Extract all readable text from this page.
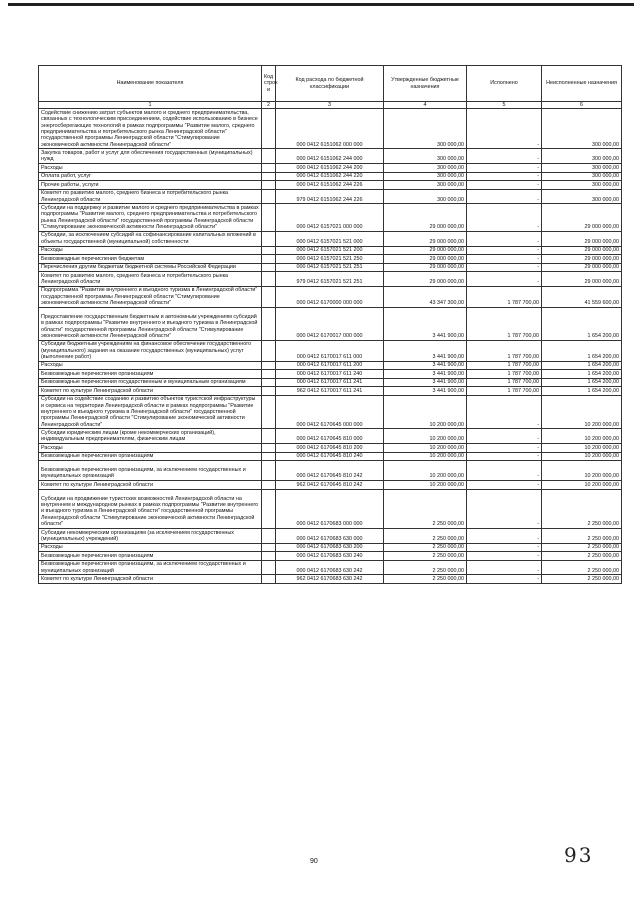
Наименование показателя	Код строк и	Код расхода по бюджетной классификации	Утвержденные бюджетные назначения	Исполнено	Неисполненные назначения
1	2	3	4	5	6
Содействие снижению затрат субъектов малого и среднего предпринимательства, связанных с технологическим присоединением, содействие использованию в бизнесе энергосберегающих технологий в рамках подпрограммы "Развитие малого, среднего предпринимательства и потребительского рынка Ленинградской области" государственной программы Ленинградской области "Стимулирование экономической активности Ленинградской области"		000 0412 6151062 000 000	300 000,00	-	300 000,00
Закупка товаров, работ и услуг для обеспечения государственных (муниципальных) нужд		000 0412 6151062 244 000	300 000,00	-	300 000,00
Расходы		000 0412 6151062 244 200	300 000,00	-	300 000,00
Оплата работ, услуг		000 0412 6151062 244 220	300 000,00	-	300 000,00
Прочие работы, услуги		000 0412 6151062 244 226	300 000,00	-	300 000,00
Комитет по развитию малого, среднего бизнеса и потребительского рынка Ленинградской области		979 0412 6151062 244 226	300 000,00	-	300 000,00
Субсидии на поддержку и развитие малого и среднего предпринимательства в рамках подпрограммы "Развитие малого, среднего предпринимательства и потребительского рынка Ленинградской области" государственной программы Ленинградской области "Стимулирование экономической активности Ленинградской области"		000 0412 6157021 000 000	29 000 000,00	-	29 000 000,00
Субсидии, за исключением субсидий на софинансирование капитальных вложений в объекты государственной (муниципальной) собственности		000 0412 6157021 521 000	29 000 000,00	-	29 000 000,00
Расходы		000 0412 6157021 521 200	29 000 000,00	-	29 000 000,00
Безвозмездные перечисления бюджетам		000 0412 6157021 521 250	29 000 000,00	-	29 000 000,00
Перечисления другим бюджетам бюджетной системы Российской Федерации		000 0412 6157021 521 251	29 000 000,00	-	29 000 000,00
Комитет по развитию малого, среднего бизнеса и потребительского рынка Ленинградской области		979 0412 6157021 521 251	29 000 000,00	-	29 000 000,00
Подпрограмма "Развитие внутреннего и въездного туризма в Ленинградской области" государственной программы Ленинградской области "Стимулирование экономической активности Ленинградской области"		000 0412 6170000 000 000	43 347 300,00	1 787 700,00	41 559 600,00
Предоставление государственным бюджетным и автономным учреждениям субсидий в рамках подпрограммы "Развитие внутреннего и въездного туризма в Ленинградской области" государственной программы Ленинградской области "Стимулирование экономической активности Ленинградской области"		000 0412 6170017 000 000	3 441 900,00	1 787 700,00	1 654 200,00
Субсидии бюджетным учреждениям на финансовое обеспечение государственного (муниципального) задания на оказание государственных (муниципальных) услуг (выполнение работ)		000 0412 6170017 611 000	3 441 900,00	1 787 700,00	1 654 200,00
Расходы		000 0412 6170017 611 200	3 441 900,00	1 787 700,00	1 654 200,00
Безвозмездные перечисления организациям		000 0412 6170017 611 240	3 441 900,00	1 787 700,00	1 654 200,00
Безвозмездные перечисления государственным и муниципальным организациям		000 0412 6170017 611 241	3 441 900,00	1 787 700,00	1 654 200,00
Комитет по культуре Ленинградской области		962 0412 6170017 611 241	3 441 900,00	1 787 700,00	1 654 200,00
Субсидии на содействие созданию и развитию объектов туристской инфраструктуры и сервиса на территории Ленинградской области в рамках подпрограммы "Развитие внутреннего и въездного туризма в Ленинградской области" государственной программы Ленинградской области "Стимулирование экономической активности Ленинградской области"		000 0412 6170645 000 000	10 200 000,00	-	10 200 000,00
Субсидии юридическим лицам (кроме некоммерческих организаций), индивидуальным предпринимателям, физическим лицам		000 0412 6170645 810 000	10 200 000,00	-	10 200 000,00
Расходы		000 0412 6170645 810 200	10 200 000,00	-	10 200 000,00
Безвозмездные перечисления организациям		000 0412 6170645 810 240	10 200 000,00	-	10 200 000,00
Безвозмездные перечисления организациям, за исключением государственных и муниципальных организаций		000 0412 6170645 810 242	10 200 000,00	-	10 200 000,00
Комитет по культуре Ленинградской области		962 0412 6170645 810 242	10 200 000,00	-	10 200 000,00
Субсидии на продвижение туристских возможностей Ленинградской области на внутреннем и международном рынках в рамках подпрограммы "Развитие внутреннего и въездного туризма в Ленинградской области" государственной программы Ленинградской области "Стимулирование экономической активности Ленинградской области"		000 0412 6170683 000 000	2 250 000,00	-	2 250 000,00
Субсидии некоммерческим организациям (за исключением государственных (муниципальных) учреждений)		000 0412 6170683 630 000	2 250 000,00	-	2 250 000,00
Расходы		000 0412 6170683 630 200	2 250 000,00	-	2 250 000,00
Безвозмездные перечисления организациям		000 0412 6170683 630 240	2 250 000,00	-	2 250 000,00
Безвозмездные перечисления организациям, за исключением государственных и муниципальных организаций		000 0412 6170683 630 242	2 250 000,00	-	2 250 000,00
Комитет по культуре Ленинградской области		962 0412 6170683 630 242	2 250 000,00	-	2 250 000,00
90	93
